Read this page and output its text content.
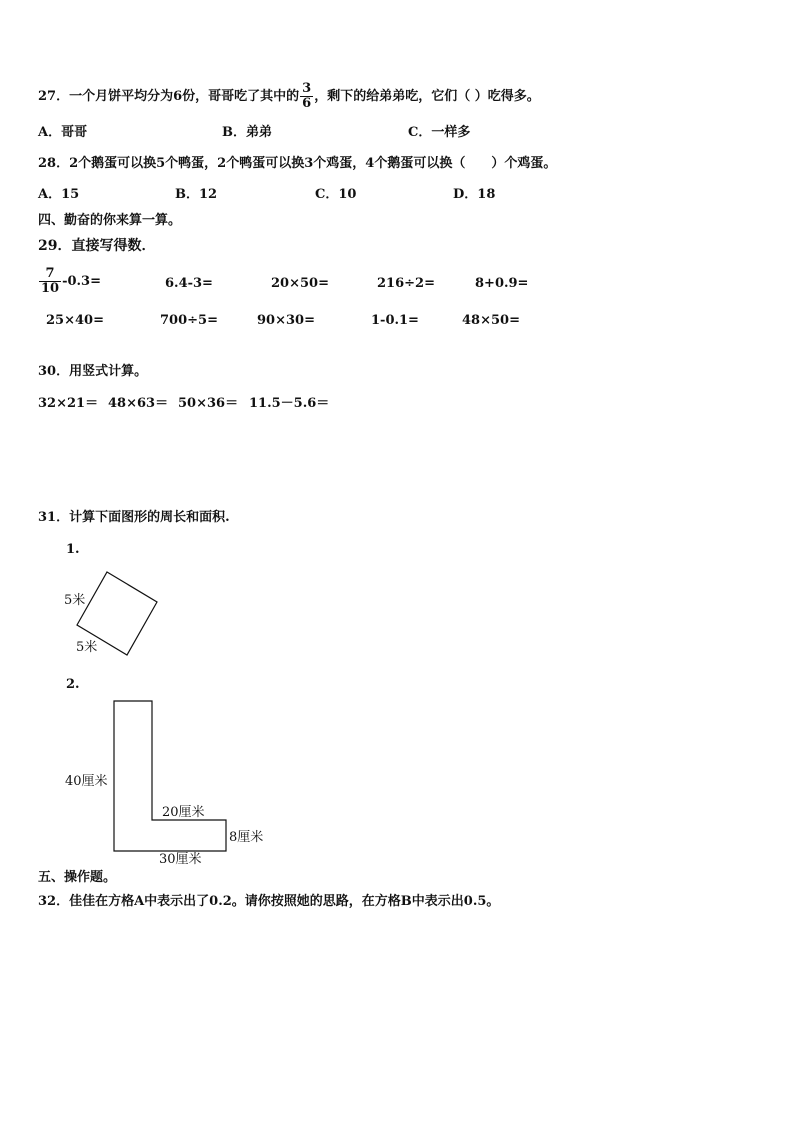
27．一个月饼平均分为6份，哥哥吃了其中的 $\frac{3}{6}$ ，剩下的给弟弟吃，它们（ ）吃得多。
A．哥哥	B．弟弟	C．一样多
28．2个鹅蛋可以换5个鸭蛋，2个鸭蛋可以换3个鸡蛋，4个鹅蛋可以换（　　）个鸡蛋。
A．15	B．12	C．10	D．18
四、勤奋的你来算一算。
29．直接写得数．
$\frac{7}{10} -0.3=$	6.4-3=	20×50=	216÷2=	8+0.9=
25×40=	700÷5=	90×30=	1-0.1=	48×50=
30．用竖式计算。
32×21＝ 48×63＝ 50×36＝ 11.5－5.6＝
31．计算下面图形的周长和面积.
1.
5米
5米
2.
40厘米
20厘米
8厘米
30厘米
五、操作题。
32．佳佳在方格A中表示出了0.2。请你按照她的思路，在方格B中表示出0.5。
